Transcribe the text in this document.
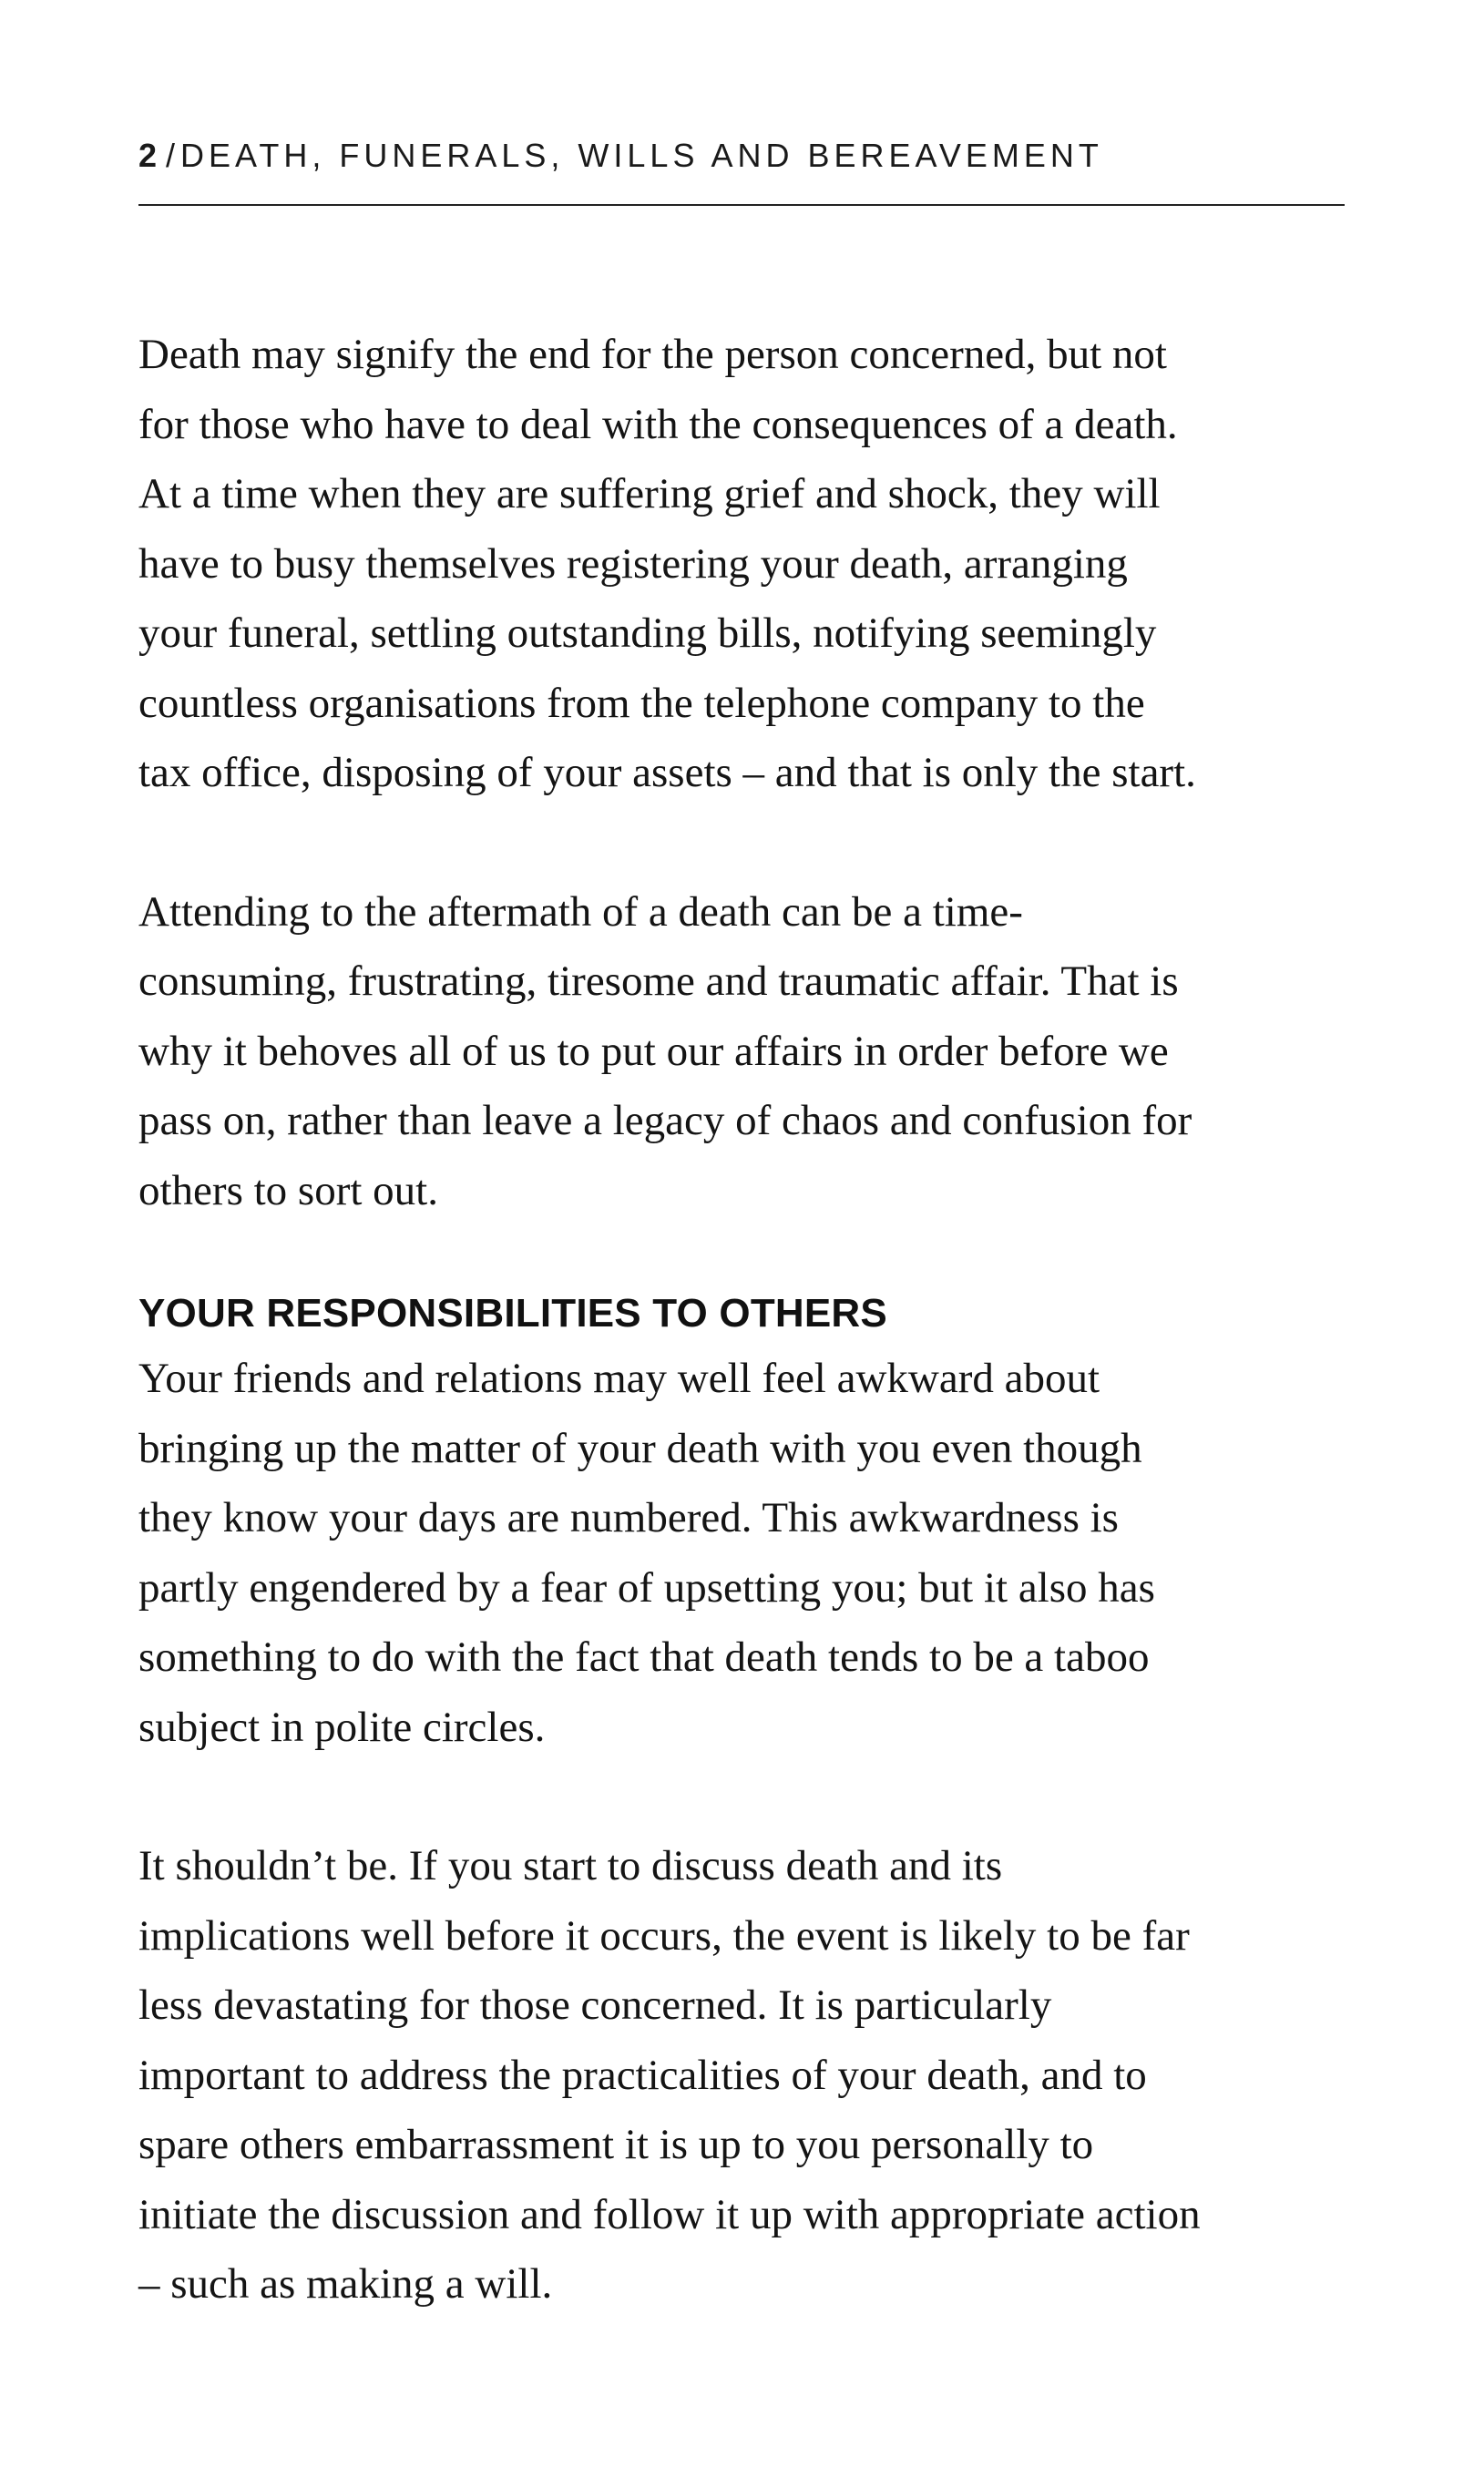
2 / DEATH, FUNERALS, WILLS AND BEREAVEMENT

Death may signify the end for the person concerned, but not
for those who have to deal with the consequences of a death.
At a time when they are suffering grief and shock, they will
have to busy themselves registering your death, arranging
your funeral, settling outstanding bills, notifying seemingly
countless organisations from the telephone company to the
tax office, disposing of your assets – and that is only the start.

Attending to the aftermath of a death can be a time-
consuming, frustrating, tiresome and traumatic affair. That is
why it behoves all of us to put our affairs in order before we
pass on, rather than leave a legacy of chaos and confusion for
others to sort out.

YOUR RESPONSIBILITIES TO OTHERS

Your friends and relations may well feel awkward about
bringing up the matter of your death with you even though
they know your days are numbered. This awkwardness is
partly engendered by a fear of upsetting you; but it also has
something to do with the fact that death tends to be a taboo
subject in polite circles.

It shouldn’t be. If you start to discuss death and its
implications well before it occurs, the event is likely to be far
less devastating for those concerned. It is particularly
important to address the practicalities of your death, and to
spare others embarrassment it is up to you personally to
initiate the discussion and follow it up with appropriate action
– such as making a will.
